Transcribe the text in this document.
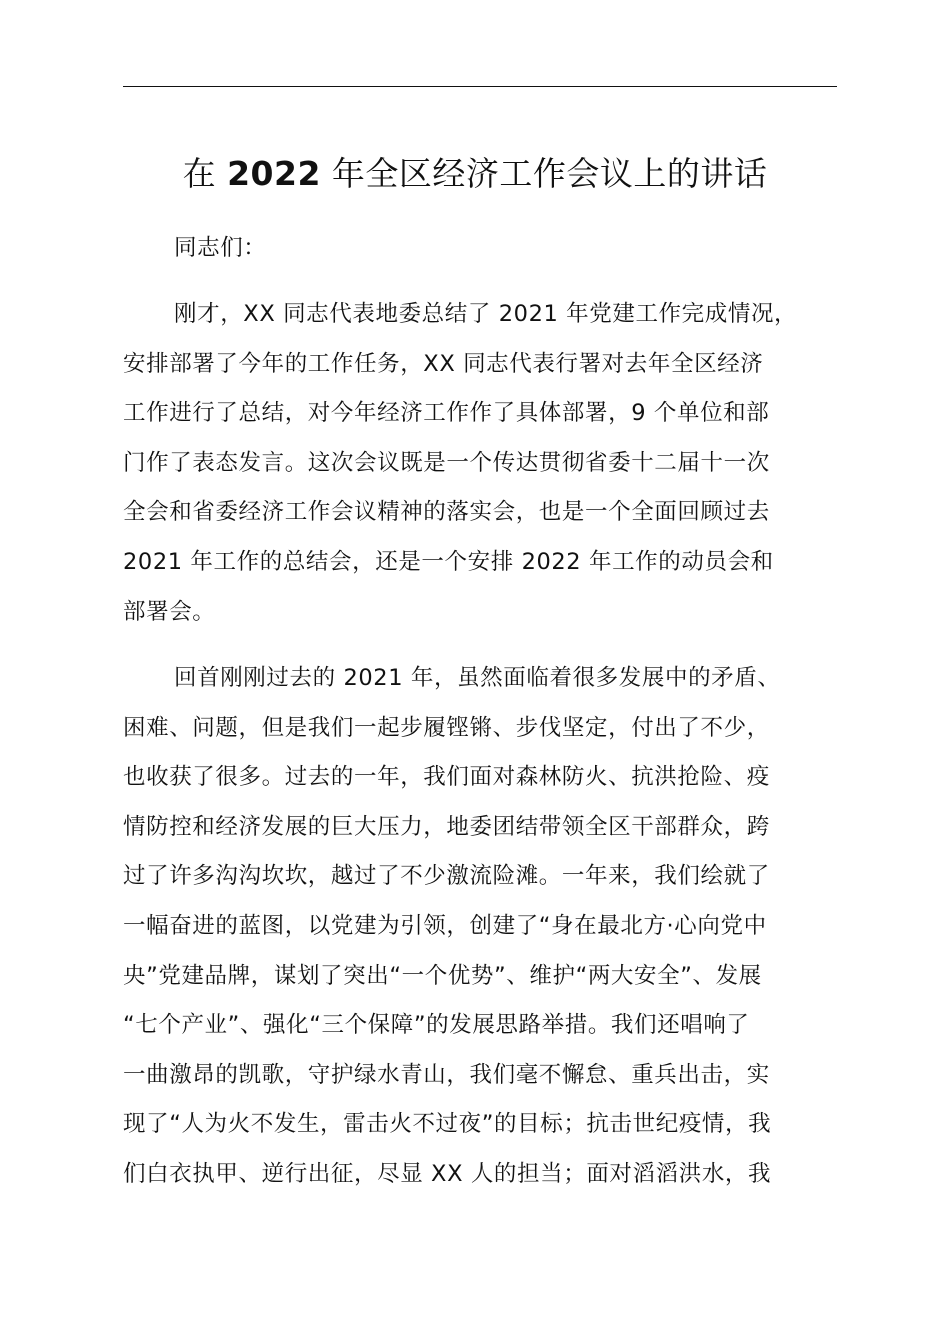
在 2022 年全区经济工作会议上的讲话

同志们：

刚才，XX 同志代表地委总结了 2021 年党建工作完成情况，
安排部署了今年的工作任务，XX 同志代表行署对去年全区经济
工作进行了总结，对今年经济工作作了具体部署，9 个单位和部
门作了表态发言。这次会议既是一个传达贯彻省委十二届十一次
全会和省委经济工作会议精神的落实会，也是一个全面回顾过去
2021 年工作的总结会，还是一个安排 2022 年工作的动员会和
部署会。

回首刚刚过去的 2021 年，虽然面临着很多发展中的矛盾、
困难、问题，但是我们一起步履铿锵、步伐坚定，付出了不少，
也收获了很多。过去的一年，我们面对森林防火、抗洪抢险、疫
情防控和经济发展的巨大压力，地委团结带领全区干部群众，跨
过了许多沟沟坎坎，越过了不少激流险滩。一年来，我们绘就了
一幅奋进的蓝图，以党建为引领，创建了“身在最北方·心向党中
央”党建品牌，谋划了突出“一个优势”、维护“两大安全”、发展
“七个产业”、强化“三个保障”的发展思路举措。我们还唱响了
一曲激昂的凯歌，守护绿水青山，我们毫不懈怠、重兵出击，实
现了“人为火不发生，雷击火不过夜”的目标；抗击世纪疫情，我
们白衣执甲、逆行出征，尽显 XX 人的担当；面对滔滔洪水，我
